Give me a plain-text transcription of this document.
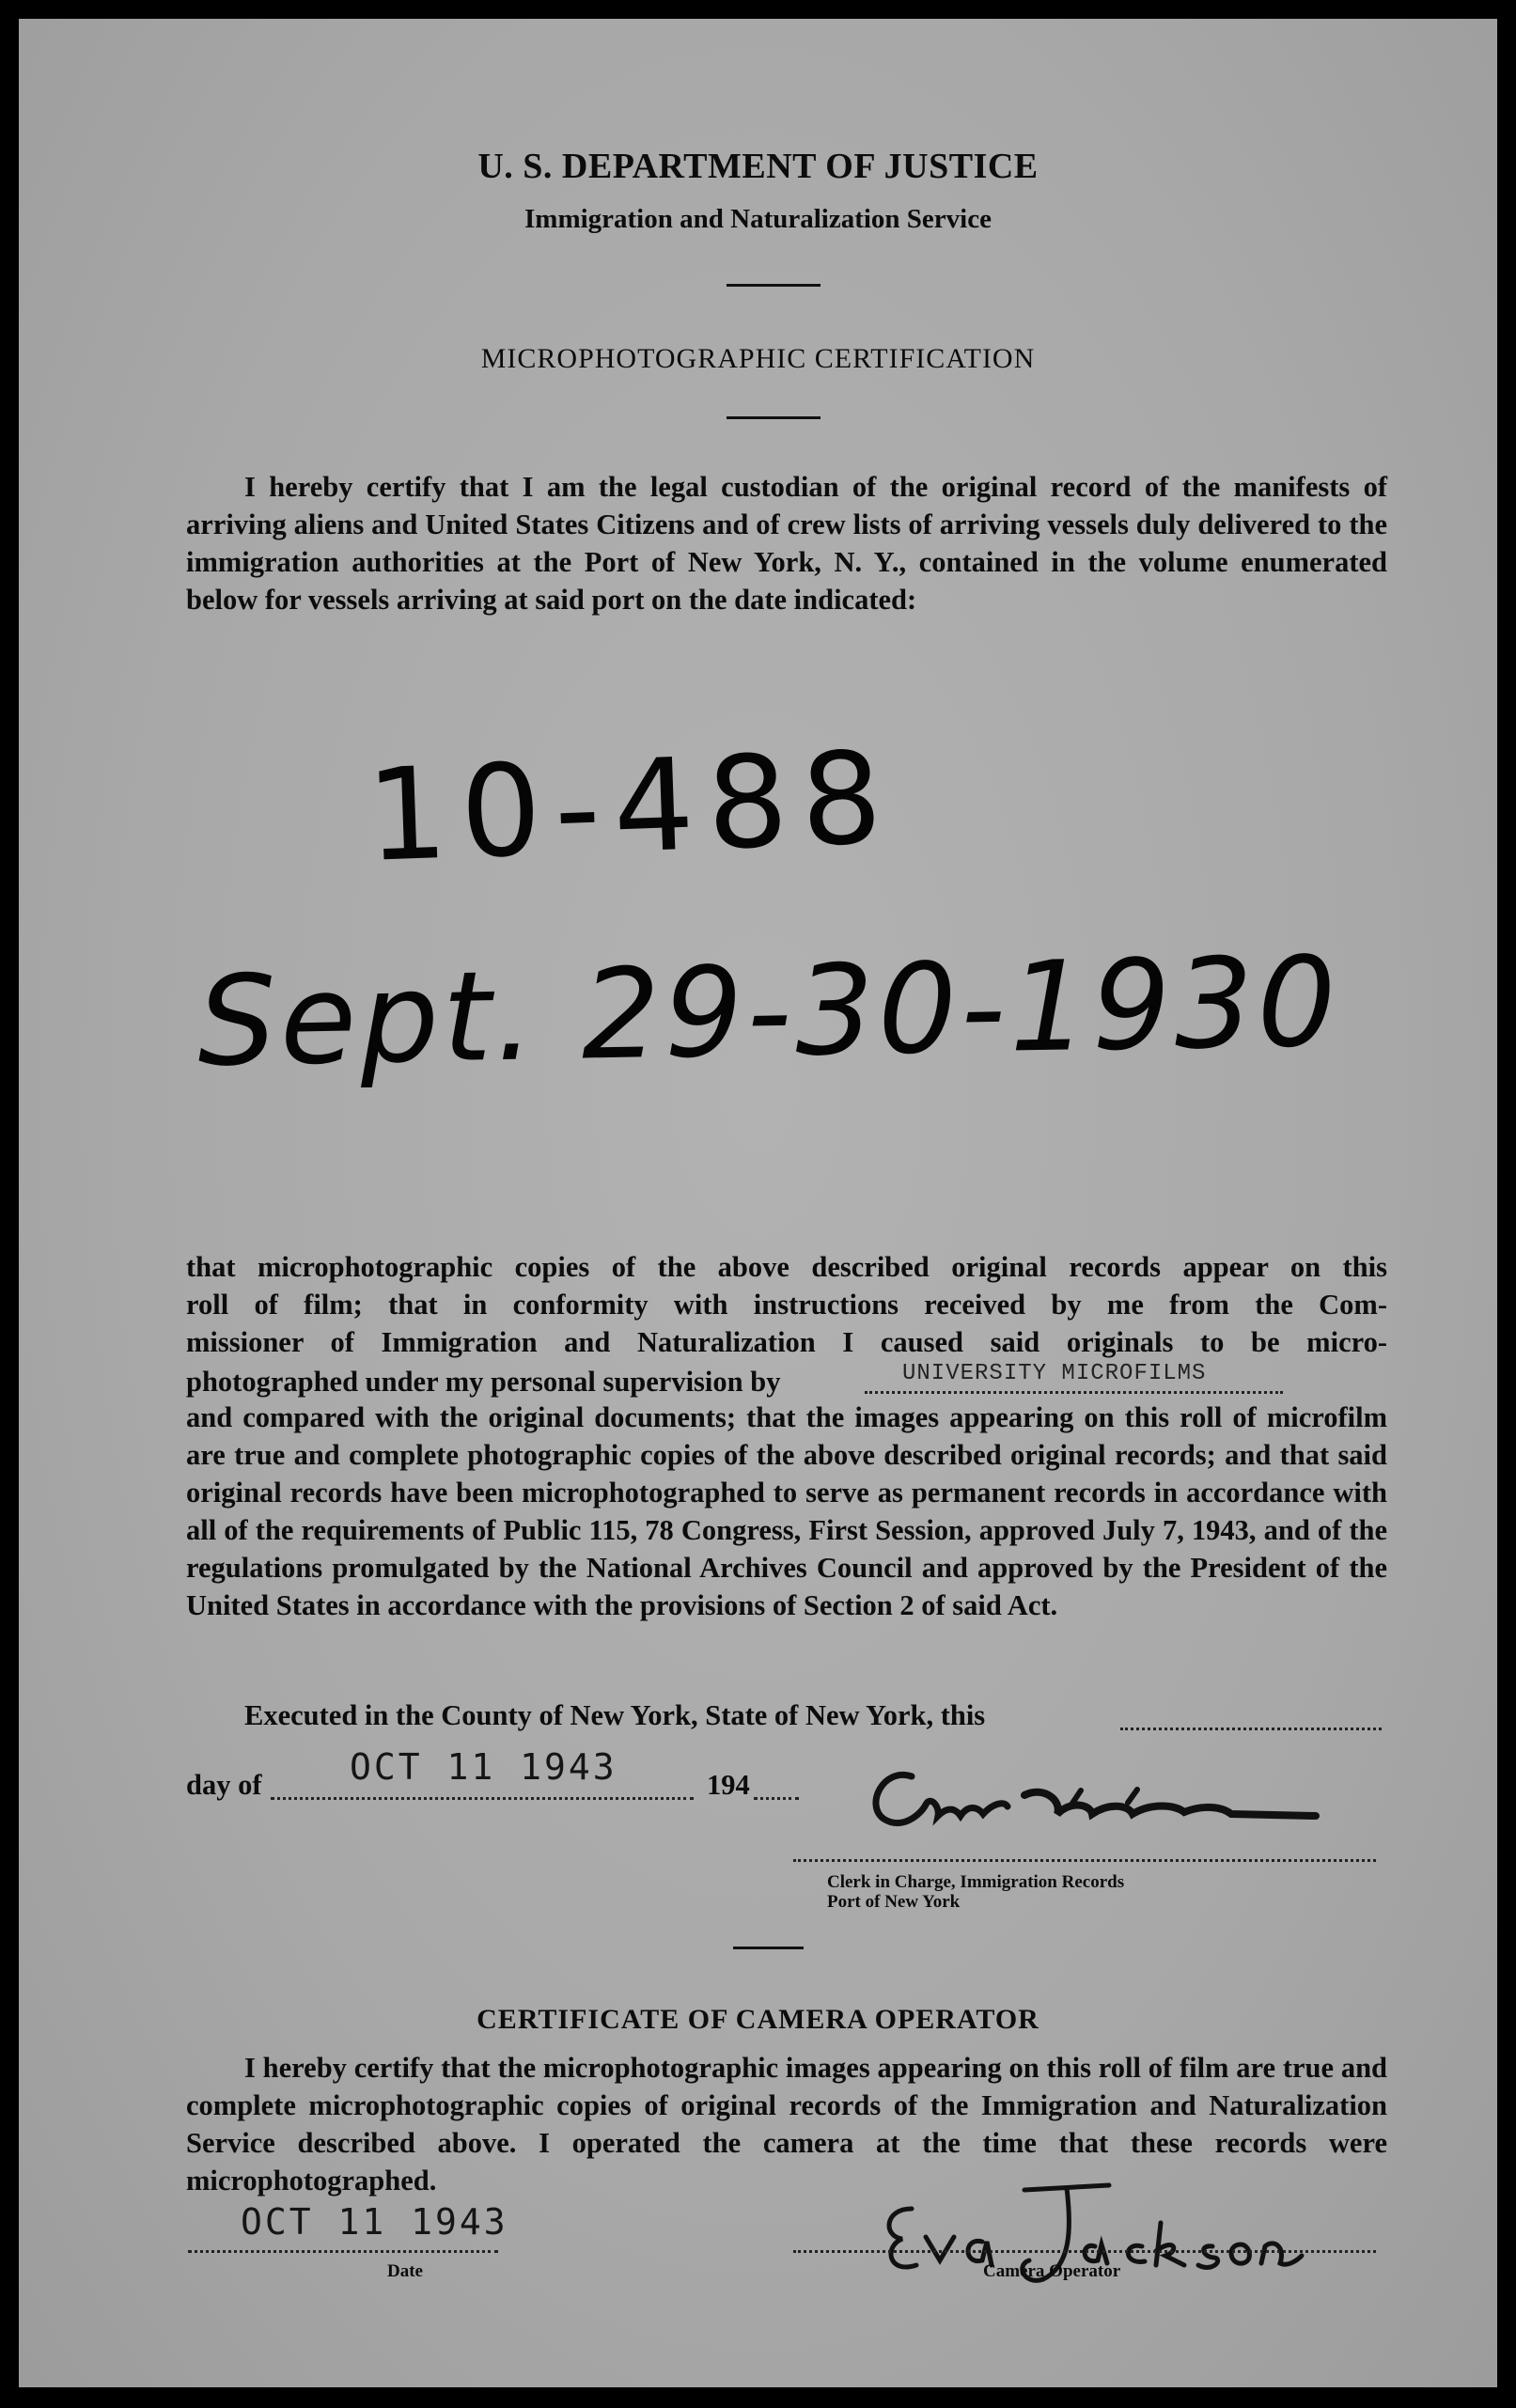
U. S. DEPARTMENT OF JUSTICE
Immigration and Naturalization Service
MICROPHOTOGRAPHIC CERTIFICATION
I hereby certify that I am the legal custodian of the original record of the manifests of arriving aliens and United States Citizens and of crew lists of arriving vessels duly delivered to the immigration authorities at the Port of New York, N. Y., contained in the volume enumerated below for vessels arriving at said port on the date indicated:
10-488
Sept. 29-30-1930
that microphotographic copies of the above described original records appear on this
roll of film; that in conformity with instructions received by me from the Com-
missioner of Immigration and Naturalization I caused said originals to be micro-
photographed under my personal supervision by	UNIVERSITY MICROFILMS
and compared with the original documents; that the images appearing on this roll of microfilm are true and complete photographic copies of the above described original records; and that said original records have been microphotographed to serve as permanent records in accordance with all of the requirements of Public 115, 78 Congress, First Session, approved July 7, 1943, and of the regulations promulgated by the National Archives Council and approved by the President of the United States in accordance with the provisions of Section 2 of said Act.
Executed in the County of New York, State of New York, this
day of OCT 11 1943	194
Clerk in Charge, Immigration Records
Port of New York
CERTIFICATE OF CAMERA OPERATOR
I hereby certify that the microphotographic images appearing on this roll of film are true and complete microphotographic copies of original records of the Immigration and Naturalization Service described above. I operated the camera at the time that these records were microphotographed.
OCT 11 1943
Date	Camera Operator
